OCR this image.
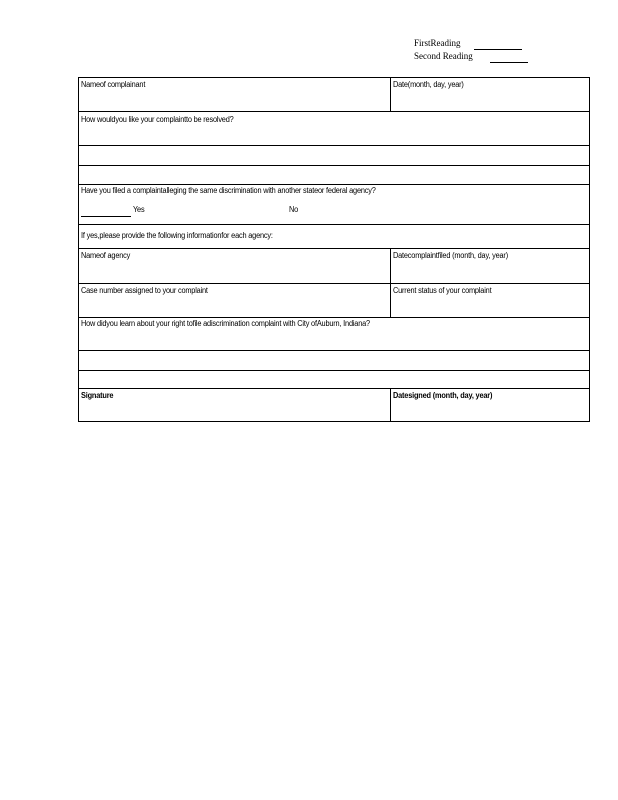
FirstReading
Second Reading
Nameof complainant	Date(month, day, year)
How wouldyou like your complaintto be resolved?
Have you filed a complaintalleging the same discrimination with another stateor federal agency?
Yes	No
If yes,please provide the following informationfor each agency:
Nameof agency	Datecomplaintfiled (month, day, year)
Case number assigned to your complaint	Current status of your complaint
How didyou learn about your right tofile adiscrimination complaint with City ofAuburn, Indiana?
Signature	Datesigned (month, day, year)
